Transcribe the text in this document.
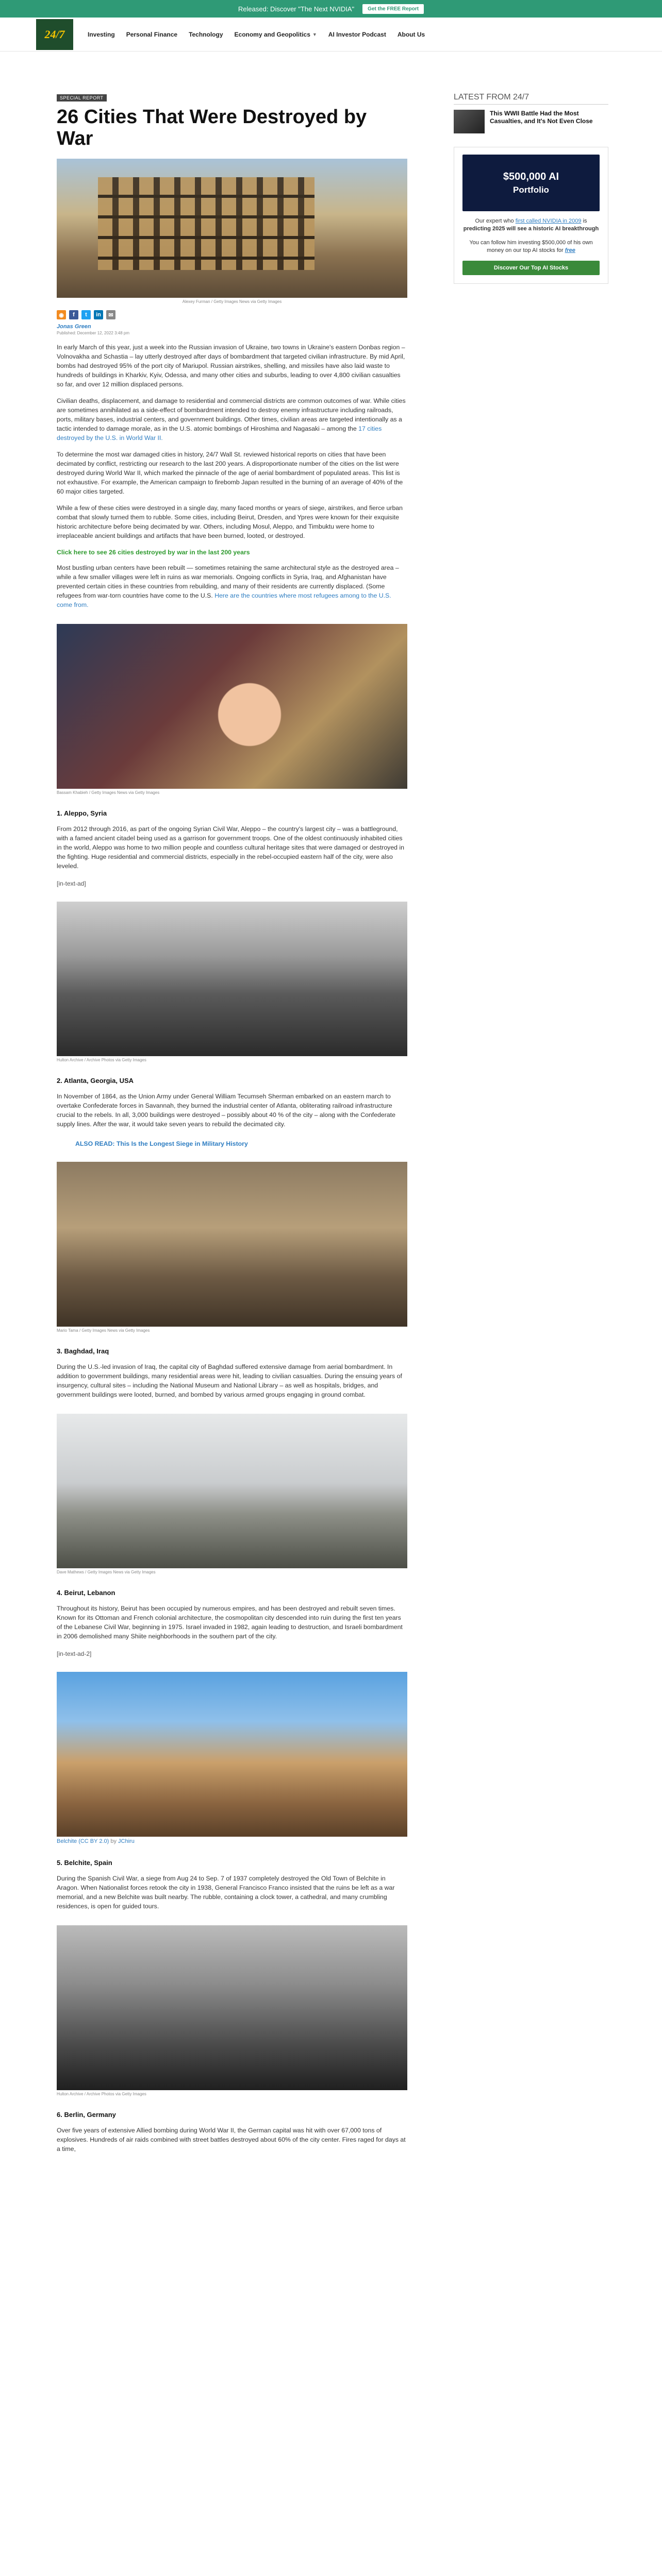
Released: Discover "The Next NVIDIA"	Get the FREE Report
24/7	Investing Personal Finance Technology Economy and Geopolitics ▼ AI Investor Podcast About Us
SPECIAL REPORT
26 Cities That Were Destroyed by War
Alexey Furman / Getty Images News via Getty Images
◉	f	t	in	✉
Jonas Green
Published: December 12, 2022 3:48 pm

In early March of this year, just a week into the Russian invasion of Ukraine, two towns in Ukraine's eastern Donbas region – Volnovakha and Schastia – lay utterly destroyed after days of bombardment that targeted civilian infrastructure. By mid April, bombs had destroyed 95% of the port city of Mariupol. Russian airstrikes, shelling, and missiles have also laid waste to hundreds of buildings in Kharkiv, Kyiv, Odessa, and many other cities and suburbs, leading to over 4,800 civilian casualties so far, and over 12 million displaced persons.

Civilian deaths, displacement, and damage to residential and commercial districts are common outcomes of war. While cities are sometimes annihilated as a side-effect of bombardment intended to destroy enemy infrastructure including railroads, ports, military bases, industrial centers, and government buildings. Other times, civilian areas are targeted intentionally as a tactic intended to damage morale, as in the U.S. atomic bombings of Hiroshima and Nagasaki – among the 17 cities destroyed by the U.S. in World War II.

To determine the most war damaged cities in history, 24/7 Wall St. reviewed historical reports on cities that have been decimated by conflict, restricting our research to the last 200 years. A disproportionate number of the cities on the list were destroyed during World War II, which marked the pinnacle of the age of aerial bombardment of populated areas. This list is not exhaustive. For example, the American campaign to firebomb Japan resulted in the burning of an average of 40% of the 60 major cities targeted.

While a few of these cities were destroyed in a single day, many faced months or years of siege, airstrikes, and fierce urban combat that slowly turned them to rubble. Some cities, including Beirut, Dresden, and Ypres were known for their exquisite historic architecture before being decimated by war. Others, including Mosul, Aleppo, and Timbuktu were home to irreplaceable ancient buildings and artifacts that have been burned, looted, or destroyed.

Click here to see 26 cities destroyed by war in the last 200 years

Most bustling urban centers have been rebuilt — sometimes retaining the same architectural style as the destroyed area – while a few smaller villages were left in ruins as war memorials. Ongoing conflicts in Syria, Iraq, and Afghanistan have prevented certain cities in these countries from rebuilding, and many of their residents are currently displaced. (Some refugees from war-torn countries have come to the U.S. Here are the countries where most refugees among to the U.S. come from.

Bassam Khabieh / Getty Images News via Getty Images
1. Aleppo, Syria

From 2012 through 2016, as part of the ongoing Syrian Civil War, Aleppo – the country's largest city – was a battleground, with a famed ancient citadel being used as a garrison for government troops. One of the oldest continuously inhabited cities in the world, Aleppo was home to two million people and countless cultural heritage sites that were damaged or destroyed in the fighting. Huge residential and commercial districts, especially in the rebel-occupied eastern half of the city, were also leveled.

[in-text-ad]
Hulton Archive / Archive Photos via Getty Images
2. Atlanta, Georgia, USA

In November of 1864, as the Union Army under General William Tecumseh Sherman embarked on an eastern march to overtake Confederate forces in Savannah, they burned the industrial center of Atlanta, obliterating railroad infrastructure crucial to the rebels. In all, 3,000 buildings were destroyed – possibly about 40 % of the city – along with the Confederate supply lines. After the war, it would take seven years to rebuild the decimated city.

ALSO READ: This Is the Longest Siege in Military History
Mario Tama / Getty Images News via Getty Images
3. Baghdad, Iraq

During the U.S.-led invasion of Iraq, the capital city of Baghdad suffered extensive damage from aerial bombardment. In addition to government buildings, many residential areas were hit, leading to civilian casualties. During the ensuing years of insurgency, cultural sites – including the National Museum and National Library – as well as hospitals, bridges, and government buildings were looted, burned, and bombed by various armed groups engaging in ground combat.

Dave Mathews / Getty Images News via Getty Images
4. Beirut, Lebanon

Throughout its history, Beirut has been occupied by numerous empires, and has been destroyed and rebuilt seven times. Known for its Ottoman and French colonial architecture, the cosmopolitan city descended into ruin during the first ten years of the Lebanese Civil War, beginning in 1975. Israel invaded in 1982, again leading to destruction, and Israeli bombardment in 2006 demolished many Shiite neighborhoods in the southern part of the city.

[in-text-ad-2]
Belchite (CC BY 2.0) by JChiru
5. Belchite, Spain

During the Spanish Civil War, a siege from Aug 24 to Sep. 7 of 1937 completely destroyed the Old Town of Belchite in Aragon. When Nationalist forces retook the city in 1938, General Francisco Franco insisted that the ruins be left as a war memorial, and a new Belchite was built nearby. The rubble, containing a clock tower, a cathedral, and many crumbling residences, is open for guided tours.

Hulton Archive / Archive Photos via Getty Images
6. Berlin, Germany

Over five years of extensive Allied bombing during World War II, the German capital was hit with over 67,000 tons of explosives. Hundreds of air raids combined with street battles destroyed about 60% of the city center. Fires raged for days at a time,

LATEST FROM 24/7
This WWII Battle Had the Most Casualties, and It's Not Even Close
$500,000 AI
Portfolio
Our expert who first called NVIDIA in 2009 is predicting 2025 will see a historic AI breakthrough
You can follow him investing $500,000 of his own money on our top AI stocks for free
Discover Our Top AI Stocks
